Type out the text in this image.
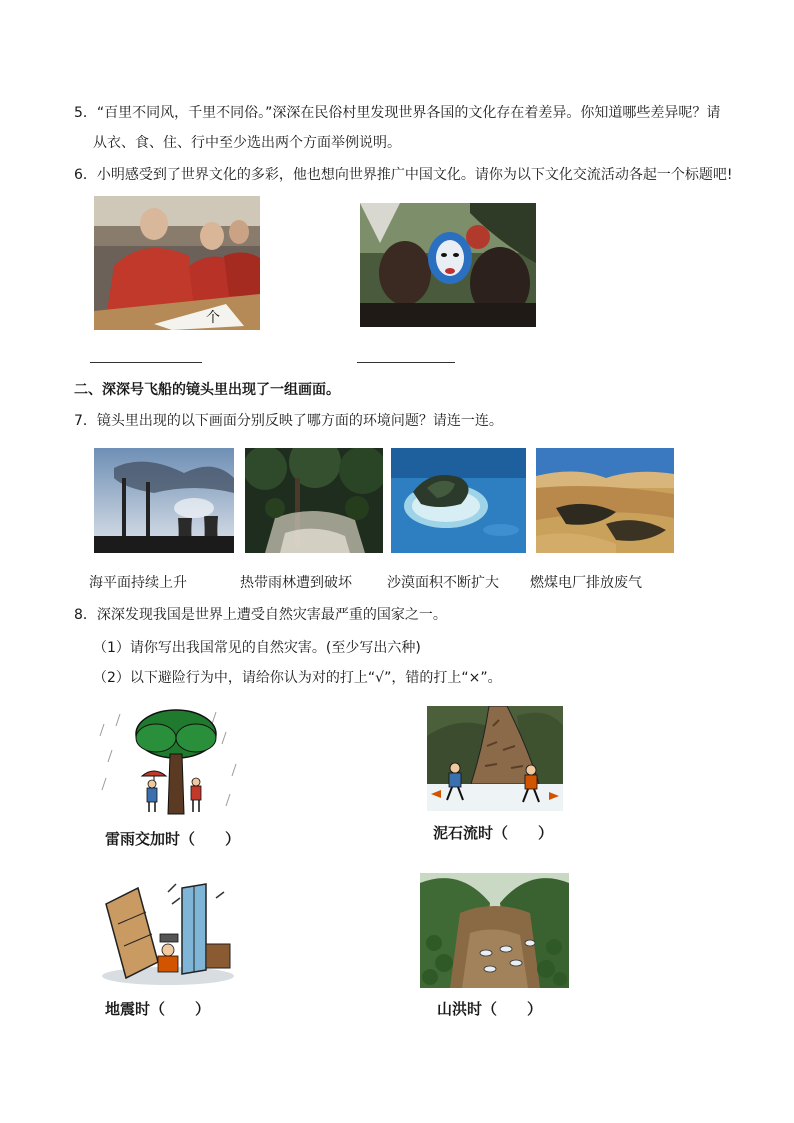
5．“百里不同风，千里不同俗。”深深在民俗村里发现世界各国的文化存在着差异。你知道哪些差异呢？请
从衣、食、住、行中至少选出两个方面举例说明。
6．小明感受到了世界文化的多彩，他也想向世界推广中国文化。请你为以下文化交流活动各起一个标题吧!
个
二、深深号飞船的镜头里出现了一组画面。
7．镜头里出现的以下画面分别反映了哪方面的环境问题？请连一连。
海平面持续上升	热带雨林遭到破坏	沙漠面积不断扩大 燃煤电厂排放废气
8．深深发现我国是世界上遭受自然灾害最严重的国家之一。
（1）请你写出我国常见的自然灾害。(至少写出六种)
（2）以下避险行为中，请给你认为对的打上“√”，错的打上“×”。
雷雨交加时（　　）	泥石流时（　　）
地震时（　　）	山洪时（　　）
